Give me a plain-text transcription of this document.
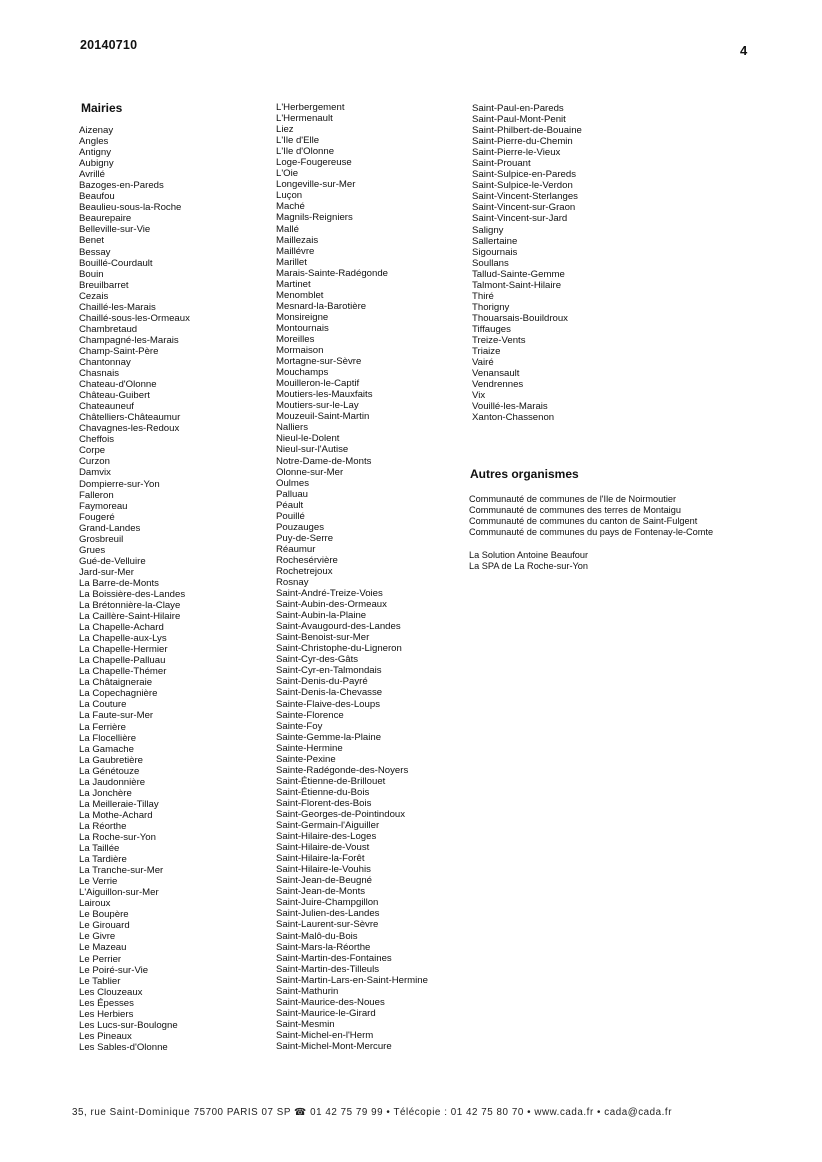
20140710	4
Mairies
Aizenay
Angles
Antigny
Aubigny
Avrillé
Bazoges-en-Pareds
Beaufou
Beaulieu-sous-la-Roche
Beaurepaire
Belleville-sur-Vie
Benet
Bessay
Bouillé-Courdault
Bouin
Breuilbarret
Cezais
Chaillé-les-Marais
Chaillé-sous-les-Ormeaux
Chambretaud
Champagné-les-Marais
Champ-Saint-Père
Chantonnay
Chasnais
Chateau-d'Olonne
Château-Guibert
Chateauneuf
Châtelliers-Châteaumur
Chavagnes-les-Redoux
Cheffois
Corpe
Curzon
Damvix
Dompierre-sur-Yon
Falleron
Faymoreau
Fougeré
Grand-Landes
Grosbreuil
Grues
Gué-de-Velluire
Jard-sur-Mer
La Barre-de-Monts
La Boissière-des-Landes
La Brétonnière-la-Claye
La Caillère-Saint-Hilaire
La Chapelle-Achard
La Chapelle-aux-Lys
La Chapelle-Hermier
La Chapelle-Palluau
La Chapelle-Thémer
La Châtaigneraie
La Copechagnière
La Couture
La Faute-sur-Mer
La Ferrière
La Flocellière
La Gamache
La Gaubretière
La Génétouze
La Jaudonnière
La Jonchère
La Meilleraie-Tillay
La Mothe-Achard
La Réorthe
La Roche-sur-Yon
La Taillée
La Tardière
La Tranche-sur-Mer
Le Verrie
L'Aiguillon-sur-Mer
Lairoux
Le Boupère
Le Girouard
Le Givre
Le Mazeau
Le Perrier
Le Poiré-sur-Vie
Le Tablier
Les Clouzeaux
Les Épesses
Les Herbiers
Les Lucs-sur-Boulogne
Les Pineaux
Les Sables-d'Olonne
L'Herbergement
L'Hermenault
Liez
L'Ile d'Elle
L'Ile d'Olonne
Loge-Fougereuse
L'Oie
Longeville-sur-Mer
Luçon
Maché
Magnils-Reigniers
Mallé
Maillezais
Maillévre
Marillet
Marais-Sainte-Radégonde
Martinet
Menomblet
Mesnard-la-Barotière
Monsireigne
Montournais
Moreilles
Mormaison
Mortagne-sur-Sèvre
Mouchamps
Mouilleron-le-Captif
Moutiers-les-Mauxfaits
Moutiers-sur-le-Lay
Mouzeuil-Saint-Martin
Nalliers
Nieul-le-Dolent
Nieul-sur-l'Autise
Notre-Dame-de-Monts
Olonne-sur-Mer
Oulmes
Palluau
Péault
Pouillé
Pouzauges
Puy-de-Serre
Réaumur
Rochesérvière
Rochetrejoux
Rosnay
Saint-André-Treize-Voies
Saint-Aubin-des-Ormeaux
Saint-Aubin-la-Plaine
Saint-Avaugourd-des-Landes
Saint-Benoist-sur-Mer
Saint-Christophe-du-Ligneron
Saint-Cyr-des-Gâts
Saint-Cyr-en-Talmondais
Saint-Denis-du-Payré
Saint-Denis-la-Chevasse
Sainte-Flaive-des-Loups
Sainte-Florence
Sainte-Foy
Sainte-Gemme-la-Plaine
Sainte-Hermine
Sainte-Pexine
Sainte-Radégonde-des-Noyers
Saint-Étienne-de-Brillouet
Saint-Étienne-du-Bois
Saint-Florent-des-Bois
Saint-Georges-de-Pointindoux
Saint-Germain-l'Aiguiller
Saint-Hilaire-des-Loges
Saint-Hilaire-de-Voust
Saint-Hilaire-la-Forêt
Saint-Hilaire-le-Vouhis
Saint-Jean-de-Beugné
Saint-Jean-de-Monts
Saint-Juire-Champgillon
Saint-Julien-des-Landes
Saint-Laurent-sur-Sèvre
Saint-Malô-du-Bois
Saint-Mars-la-Réorthe
Saint-Martin-des-Fontaines
Saint-Martin-des-Tilleuls
Saint-Martin-Lars-en-Saint-Hermine
Saint-Mathurin
Saint-Maurice-des-Noues
Saint-Maurice-le-Girard
Saint-Mesmin
Saint-Michel-en-l'Herm
Saint-Michel-Mont-Mercure
Saint-Paul-en-Pareds
Saint-Paul-Mont-Penit
Saint-Philbert-de-Bouaine
Saint-Pierre-du-Chemin
Saint-Pierre-le-Vieux
Saint-Prouant
Saint-Sulpice-en-Pareds
Saint-Sulpice-le-Verdon
Saint-Vincent-Sterlanges
Saint-Vincent-sur-Graon
Saint-Vincent-sur-Jard
Saligny
Sallertaine
Sigournais
Soullans
Tallud-Sainte-Gemme
Talmont-Saint-Hilaire
Thiré
Thorigny
Thouarsais-Bouildroux
Tiffauges
Treize-Vents
Triaize
Vairé
Venansault
Vendrennes
Vix
Vouillé-les-Marais
Xanton-Chassenon
Autres organismes
Communauté de communes de l'Ile de Noirmoutier
Communauté de communes des terres de Montaigu
Communauté de communes du canton de Saint-Fulgent
Communauté de communes du pays de Fontenay-le-Comte
La Solution Antoine Beaufour
La SPA de La Roche-sur-Yon
35, rue Saint-Dominique 75700 PARIS 07 SP ☎ 01 42 75 79 99 • Télécopie : 01 42 75 80 70 • www.cada.fr • cada@cada.fr
